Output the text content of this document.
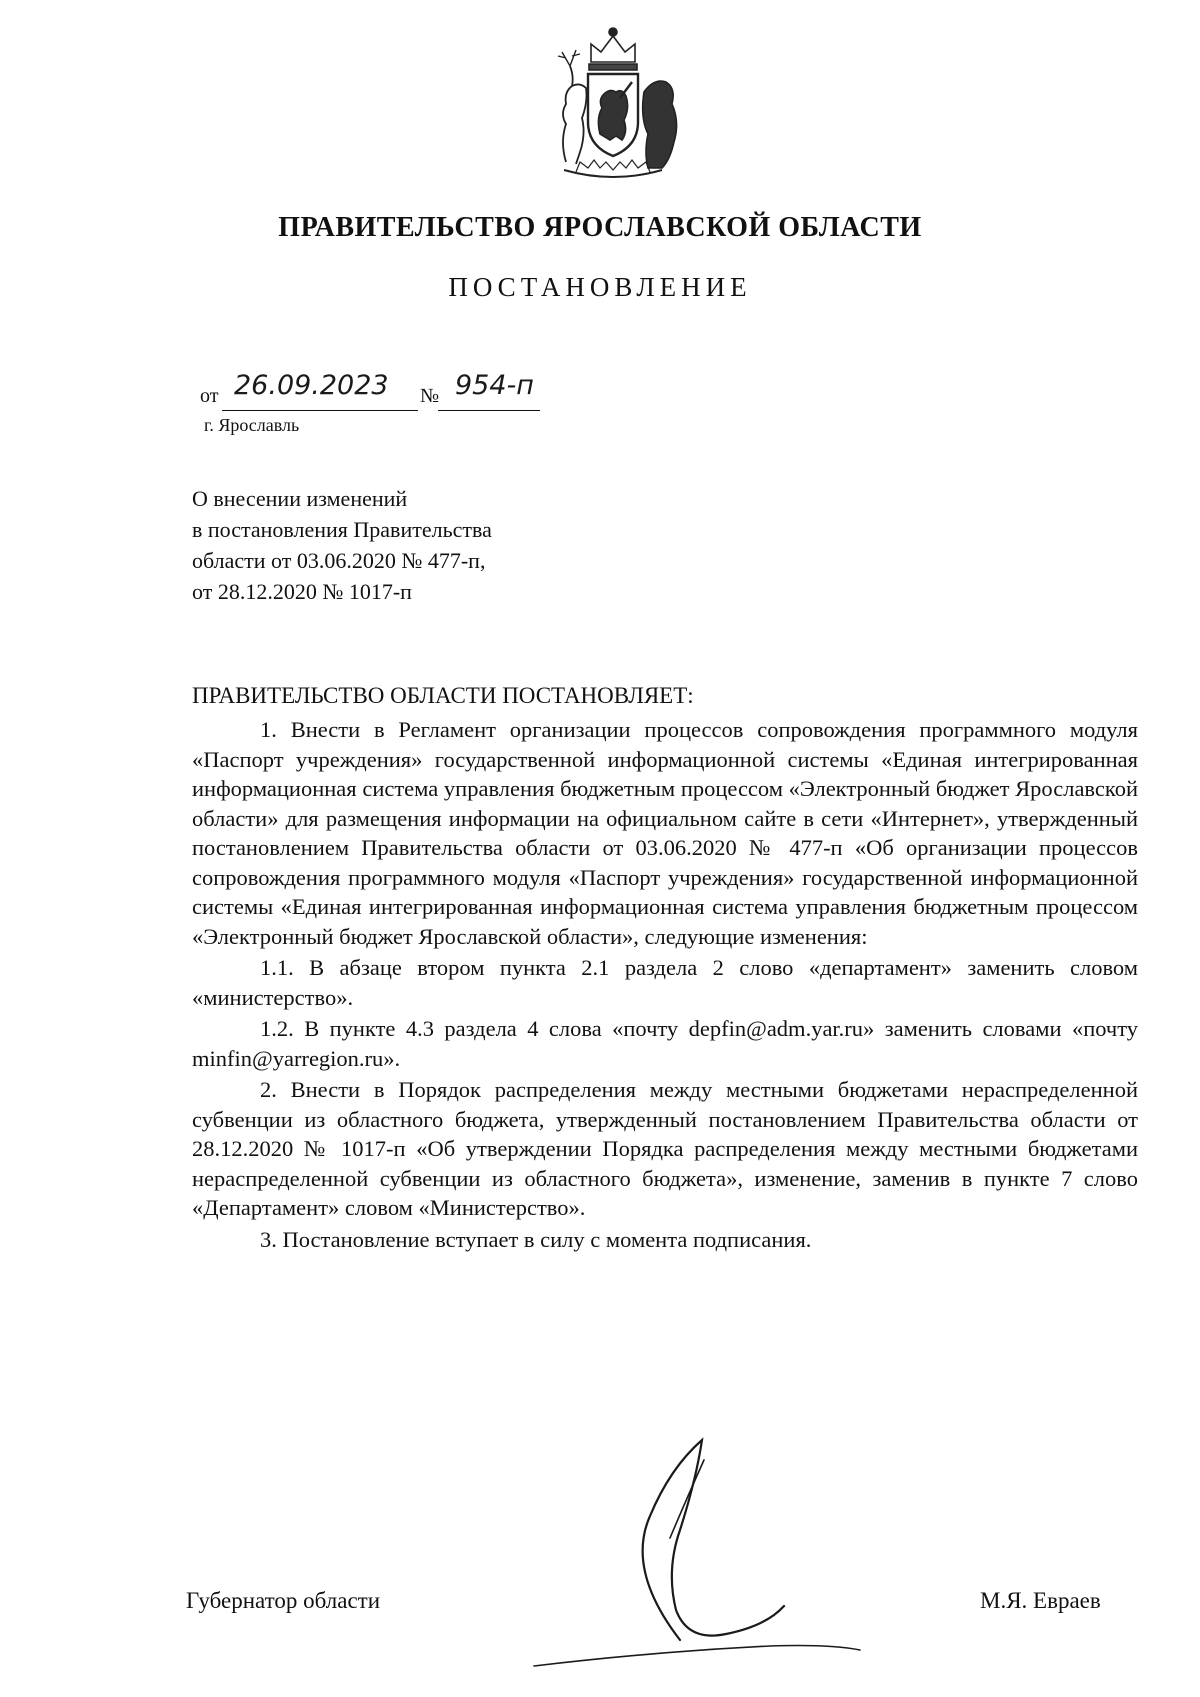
ПРАВИТЕЛЬСТВО ЯРОСЛАВСКОЙ ОБЛАСТИ
ПОСТАНОВЛЕНИЕ
от 26.09.2023 № 954-п
г. Ярославль
О внесении изменений
в постановления Правительства
области от 03.06.2020 № 477-п,
от 28.12.2020 № 1017-п
ПРАВИТЕЛЬСТВО ОБЛАСТИ ПОСТАНОВЛЯЕТ:

1. Внести в Регламент организации процессов сопровождения программного модуля «Паспорт учреждения» государственной информационной системы «Единая интегрированная информационная система управления бюджетным процессом «Электронный бюджет Ярославской области» для размещения информации на официальном сайте в сети «Интернет», утвержденный постановлением Правительства области от 03.06.2020 № 477-п «Об организации процессов сопровождения программного модуля «Паспорт учреждения» государственной информационной системы «Единая интегрированная информационная система управления бюджетным процессом «Электронный бюджет Ярославской области», следующие изменения:

1.1. В абзаце втором пункта 2.1 раздела 2 слово «департамент» заменить словом «министерство».

1.2. В пункте 4.3 раздела 4 слова «почту depfin@adm.yar.ru» заменить словами «почту minfin@yarregion.ru».

2. Внести в Порядок распределения между местными бюджетами нераспределенной субвенции из областного бюджета, утвержденный постановлением Правительства области от 28.12.2020 № 1017-п «Об утверждении Порядка распределения между местными бюджетами нераспределенной субвенции из областного бюджета», изменение, заменив в пункте 7 слово «Департамент» словом «Министерство».

3. Постановление вступает в силу с момента подписания.

Губернатор области	М.Я. Евраев
